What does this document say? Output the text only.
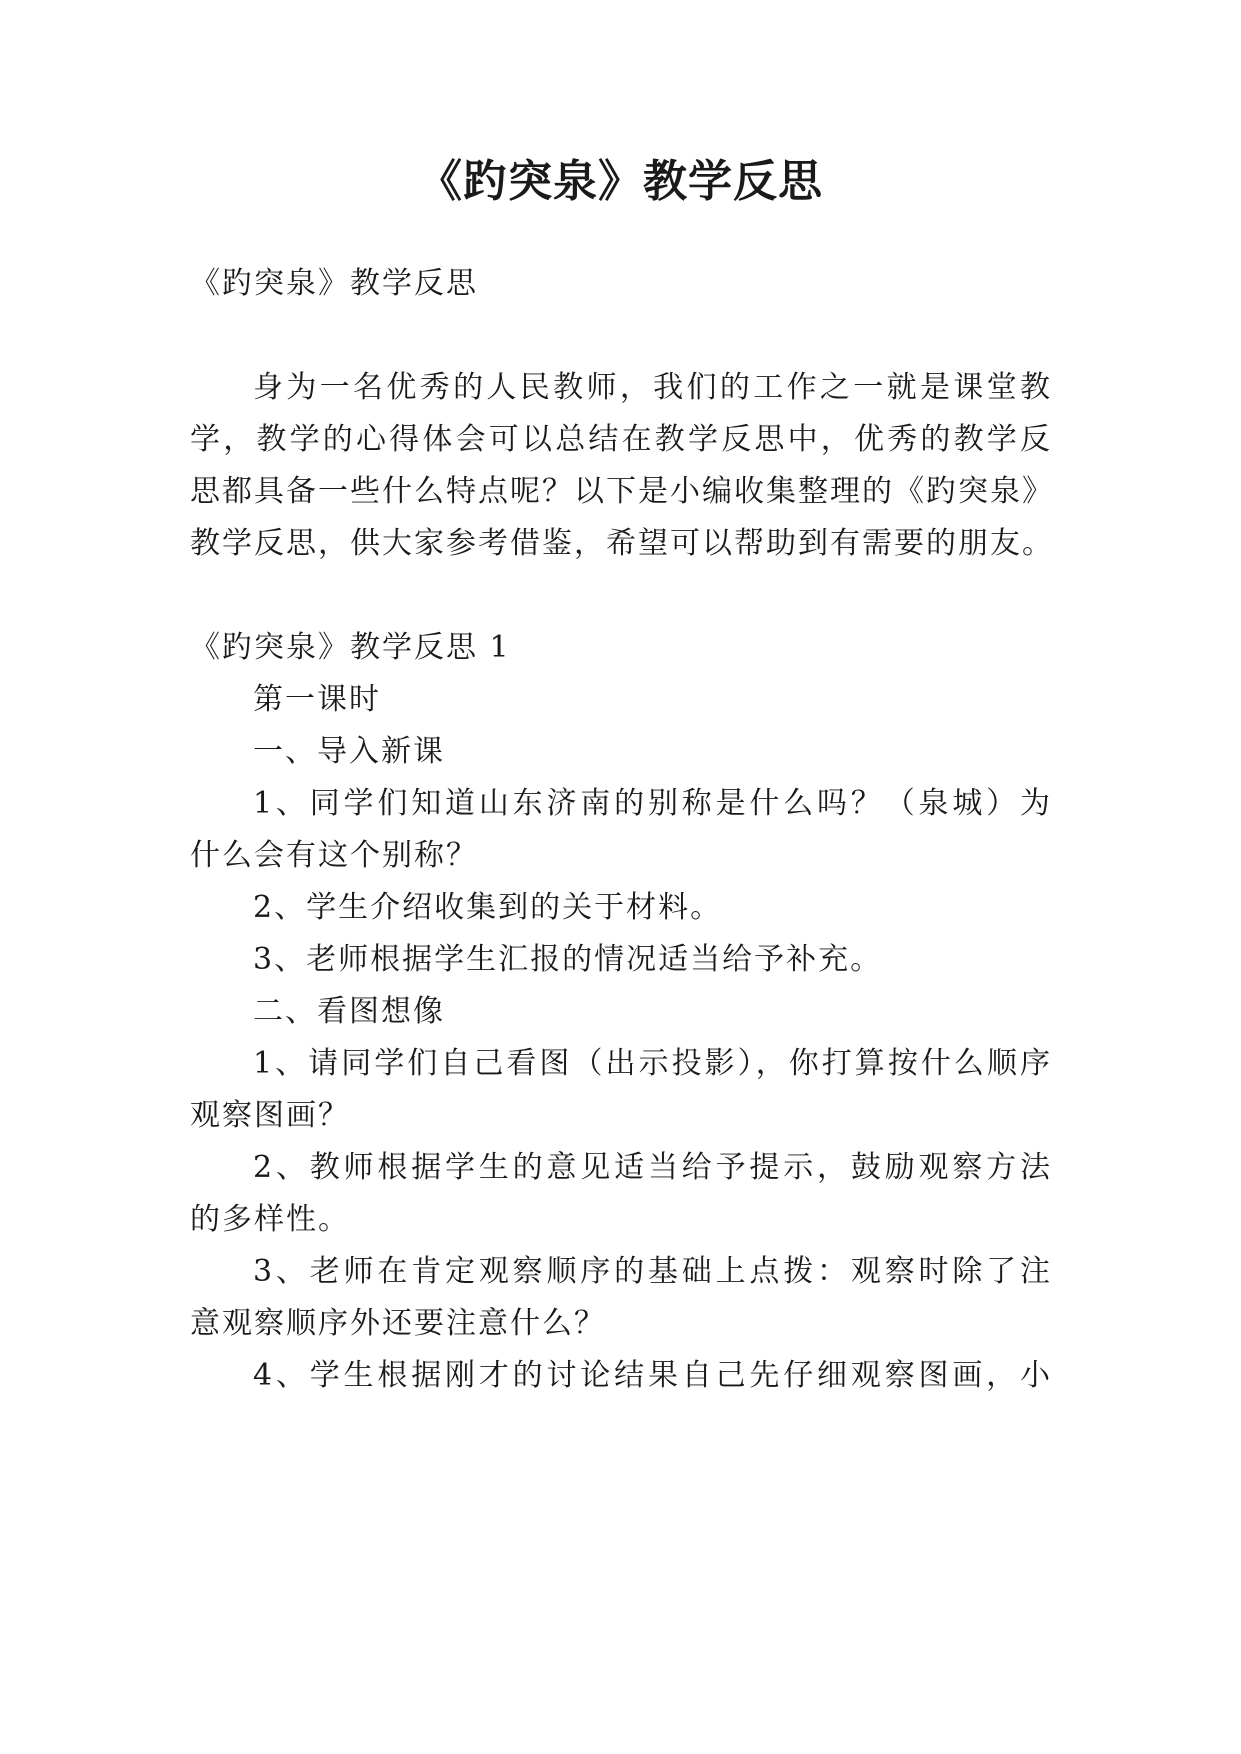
《趵突泉》教学反思

《趵突泉》教学反思

身为一名优秀的人民教师，我们的工作之一就是课堂教

学，教学的心得体会可以总结在教学反思中，优秀的教学反

思都具备一些什么特点呢？以下是小编收集整理的《趵突泉》

教学反思，供大家参考借鉴，希望可以帮助到有需要的朋友。

《趵突泉》教学反思 1

第一课时

一、导入新课

1、同学们知道山东济南的别称是什么吗？（泉城）为

什么会有这个别称？

2、学生介绍收集到的关于材料。

3、老师根据学生汇报的情况适当给予补充。

二、看图想像

1、请同学们自己看图（出示投影），你打算按什么顺序

观察图画？

2、教师根据学生的意见适当给予提示，鼓励观察方法

的多样性。

3、老师在肯定观察顺序的基础上点拨：观察时除了注

意观察顺序外还要注意什么？

4、学生根据刚才的讨论结果自己先仔细观察图画，小
